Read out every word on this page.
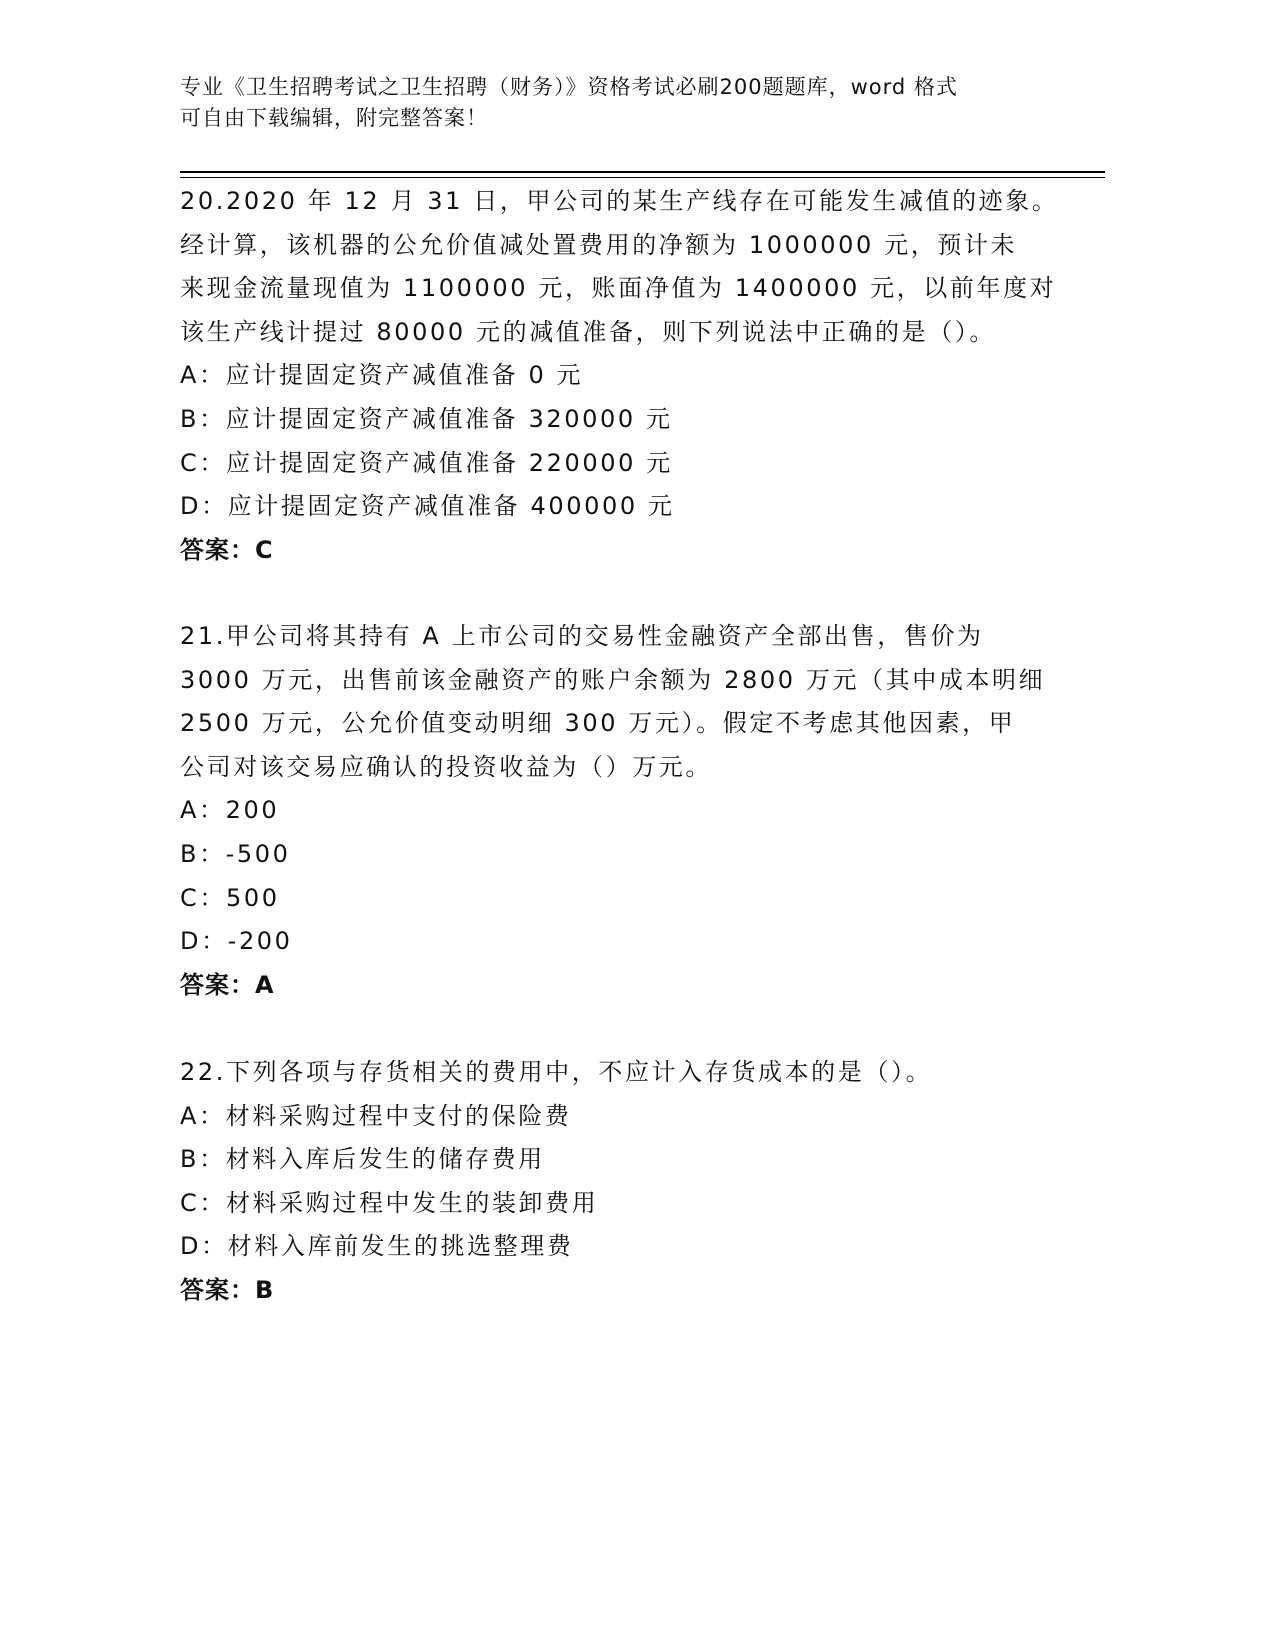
专业《卫生招聘考试之卫生招聘（财务）》资格考试必刷200题题库，word 格式
可自由下载编辑，附完整答案！
20.2020 年 12 月 31 日，甲公司的某生产线存在可能发生减值的迹象。
经计算，该机器的公允价值减处置费用的净额为 1000000 元，预计未
来现金流量现值为 1100000 元，账面净值为 1400000 元，以前年度对
该生产线计提过 80000 元的减值准备，则下列说法中正确的是（）。
A：应计提固定资产减值准备 0 元
B：应计提固定资产减值准备 320000 元
C：应计提固定资产减值准备 220000 元
D：应计提固定资产减值准备 400000 元
答案：C
21.甲公司将其持有 A 上市公司的交易性金融资产全部出售，售价为
3000 万元，出售前该金融资产的账户余额为 2800 万元（其中成本明细
2500 万元，公允价值变动明细 300 万元）。假定不考虑其他因素，甲
公司对该交易应确认的投资收益为（）万元。
A：200
B：-500
C：500
D：-200
答案：A
22.下列各项与存货相关的费用中，不应计入存货成本的是（）。
A：材料采购过程中支付的保险费
B：材料入库后发生的储存费用
C：材料采购过程中发生的装卸费用
D：材料入库前发生的挑选整理费
答案：B
